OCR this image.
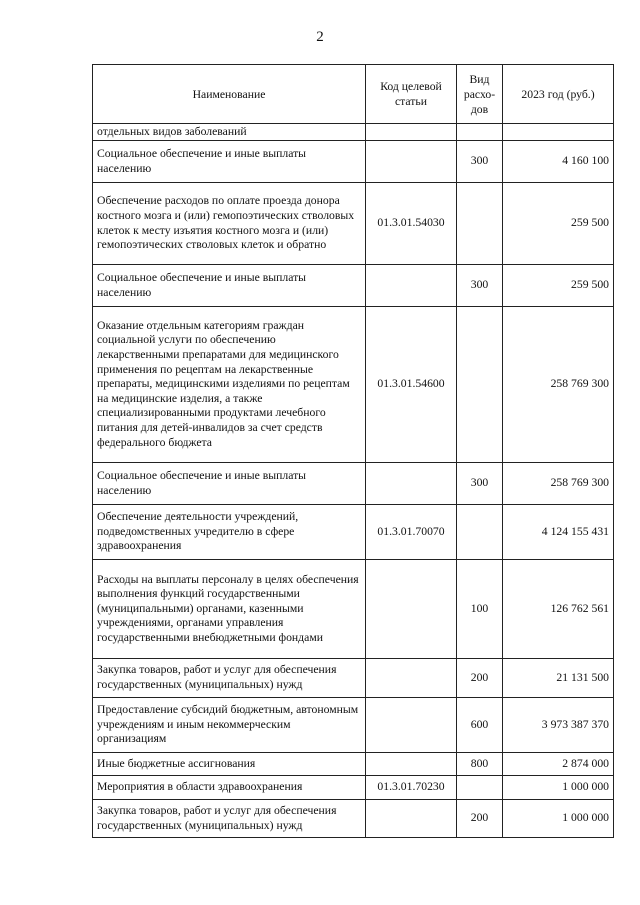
2
Наименование	Код целевой статьи	Вид расхо-дов	2023 год (руб.)
отдельных видов заболеваний			
Социальное обеспечение и иные выплаты населению		300	4 160 100
Обеспечение расходов по оплате проезда донора костного мозга и (или) гемопоэтических стволовых клеток к месту изъятия костного мозга и (или) гемопоэтических стволовых клеток и обратно	01.3.01.54030		259 500
Социальное обеспечение и иные выплаты населению		300	259 500
Оказание отдельным категориям граждан социальной услуги по обеспечению лекарственными препаратами для медицинского применения по рецептам на лекарственные препараты, медицинскими изделиями по рецептам на медицинские изделия, а также специализированными продуктами лечебного питания для детей-инвалидов за счет средств федерального бюджета	01.3.01.54600		258 769 300
Социальное обеспечение и иные выплаты населению		300	258 769 300
Обеспечение деятельности учреждений, подведомственных учредителю в сфере здравоохранения	01.3.01.70070		4 124 155 431
Расходы на выплаты персоналу в целях обеспечения выполнения функций государственными (муниципальными) органами, казенными учреждениями, органами управления государственными внебюджетными фондами		100	126 762 561
Закупка товаров, работ и услуг для обеспечения государственных (муниципальных) нужд		200	21 131 500
Предоставление субсидий бюджетным, автономным учреждениям и иным некоммерческим организациям		600	3 973 387 370
Иные бюджетные ассигнования		800	2 874 000
Мероприятия в области здравоохранения	01.3.01.70230		1 000 000
Закупка товаров, работ и услуг для обеспечения государственных (муниципальных) нужд		200	1 000 000
